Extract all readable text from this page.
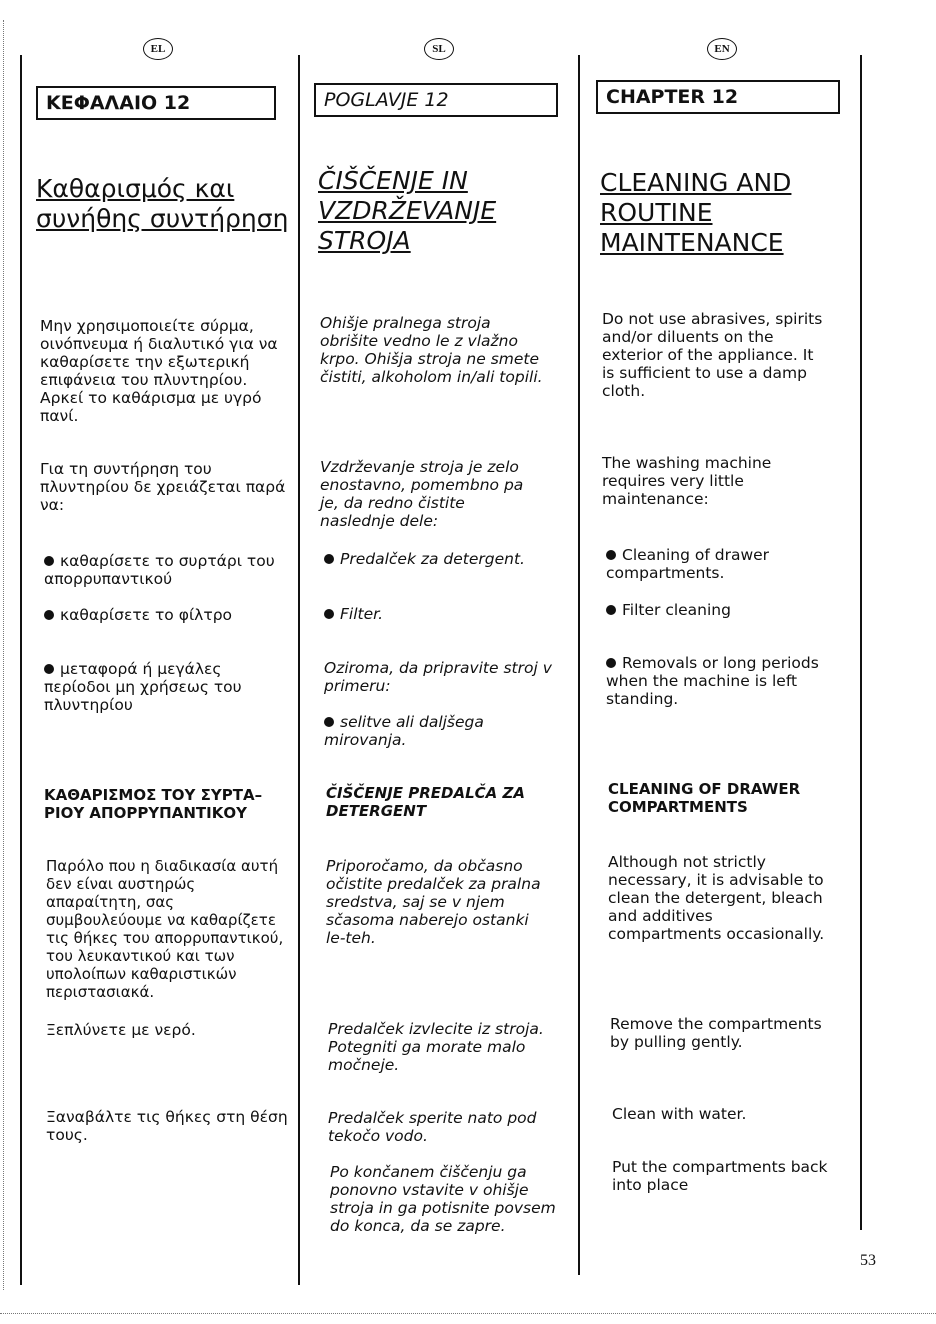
EL
ΚΕΦΑΛΑΙΟ 12

Καθαρισμός και
συνήθης συντήρηση

Μην χρησιμοποιείτε σύρμα,
οινόπνευμα ή διαλυτικό για να
καθαρίσετε την εξωτερική
επιφάνεια του πλυντηρίου.
Αρκεί το καθάρισμα με υγρό
πανί.

Για τη συντήρηση του
πλυντηρίου δε χρειάζεται παρά
να:

καθαρίσετε το συρτάρι του
απορρυπαντικού
καθαρίσετε το φίλτρο
μεταφορά ή μεγάλες
περίοδοι μη χρήσεως του
πλυντηρίου

ΚΑΘΑΡΙΣΜΟΣ ΤΟΥ ΣΥΡΤΑ–
ΡΙΟΥ ΑΠΟΡΡΥΠΑΝΤΙΚΟΥ

Παρόλο που η διαδικασία αυτή
δεν είναι αυστηρώς
απαραίτητη, σας
συμβουλεύουμε να καθαρίζετε
τις θήκες του απορρυπαντικού,
του λευκαντικού και των
υπολοίπων καθαριστικών
περιστασιακά.

Ξεπλύνετε με νερό.

Ξαναβάλτε τις θήκες στη θέση
τους.

SL
POGLAVJE 12

ČIŠČENJE IN
VZDRŽEVANJE
STROJA

Ohišje pralnega stroja
obrišite vedno le z vlažno
krpo. Ohišja stroja ne smete
čistiti, alkoholom in/ali topili.

Vzdrževanje stroja je zelo
enostavno, pomembno pa
je, da redno čistite
naslednje dele:

Predalček za detergent.
Filter.

Oziroma, da pripravite stroj v
primeru:

selitve ali daljšega
mirovanja.

ČIŠČENJE PREDALČA ZA
DETERGENT

Priporočamo, da občasno
očistite predalček za pralna
sredstva, saj se v njem
sčasoma naberejo ostanki
le-teh.

Predalček izvlecite iz stroja.
Potegniti ga morate malo
močneje.

Predalček sperite nato pod
tekočo vodo.

Po končanem čiščenju ga
ponovno vstavite v ohišje
stroja in ga potisnite povsem
do konca, da se zapre.

EN
CHAPTER 12

CLEANING AND
ROUTINE
MAINTENANCE

Do not use abrasives, spirits
and/or diluents on the
exterior of the appliance. It
is sufficient to use a damp
cloth.

The washing machine
requires very little
maintenance:

Cleaning of drawer
compartments.
Filter cleaning
Removals or long periods
when the machine is left
standing.

CLEANING OF DRAWER
COMPARTMENTS

Although not strictly
necessary, it is advisable to
clean the detergent, bleach
and additives
compartments occasionally.

Remove the compartments
by pulling gently.

Clean with water.

Put the compartments back
into place

53
